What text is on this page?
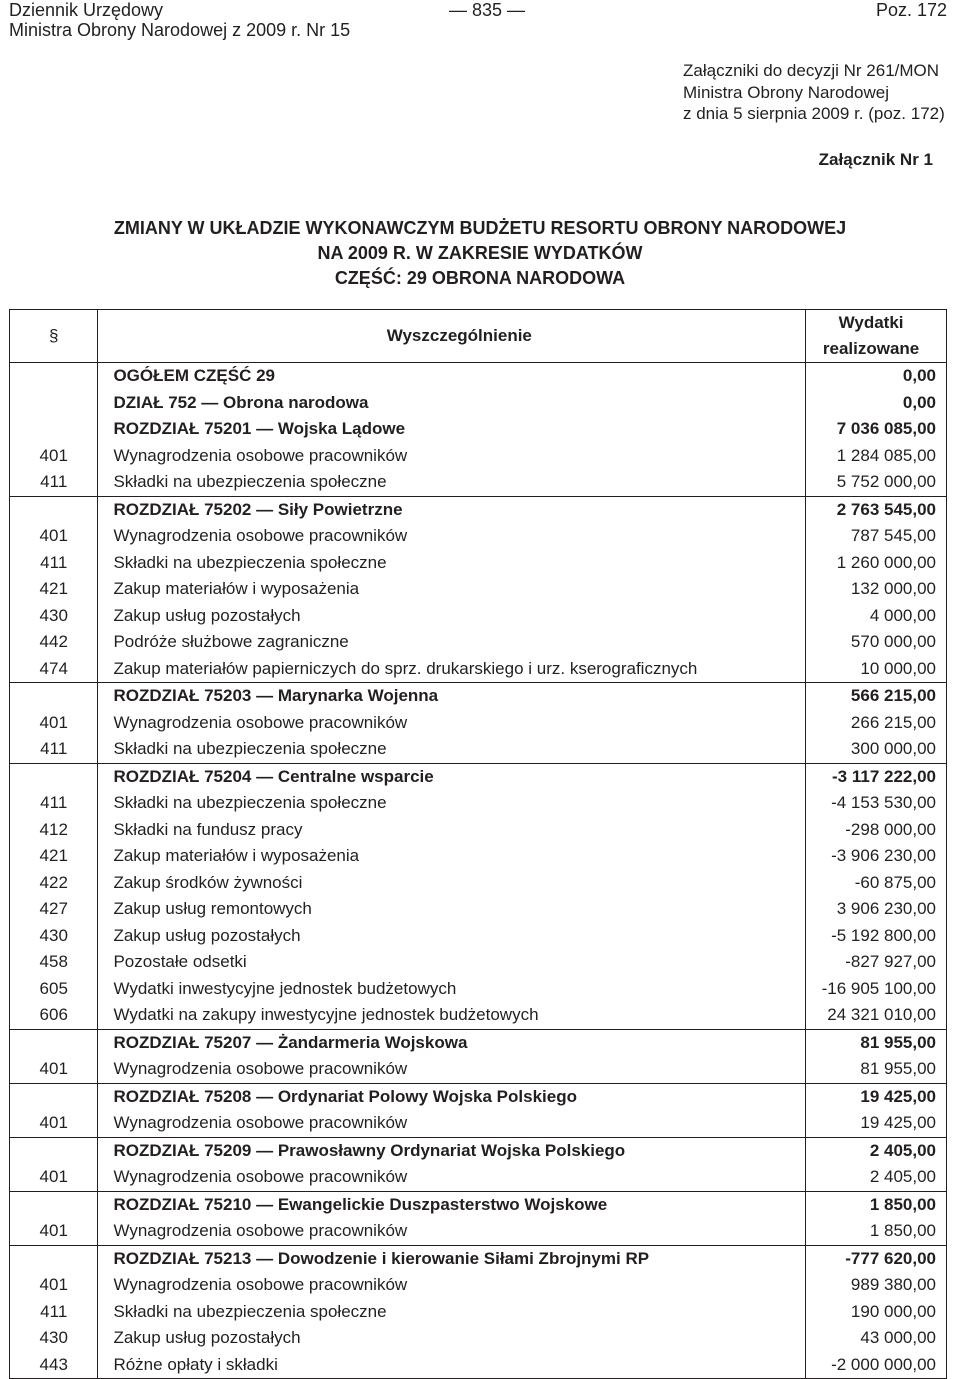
Dziennik Urzędowy
Ministra Obrony Narodowej z 2009 r. Nr 15
— 835 —	Poz. 172
Załączniki do decyzji Nr 261/MON
Ministra Obrony Narodowej
z dnia 5 sierpnia 2009 r. (poz. 172)
Załącznik Nr 1
ZMIANY W UKŁADZIE WYKONAWCZYM BUDŻETU RESORTU OBRONY NARODOWEJ
NA 2009 R. W ZAKRESIE WYDATKÓW
CZĘŚĆ: 29 OBRONA NARODOWA
§	Wyszczególnienie	Wydatki
realizowane

	OGÓŁEM CZĘŚĆ 29	0,00
	DZIAŁ 752 — Obrona narodowa	0,00
	ROZDZIAŁ 75201 — Wojska Lądowe	7 036 085,00
401	Wynagrodzenia osobowe pracowników	1 284 085,00
411	Składki na ubezpieczenia społeczne	5 752 000,00
	ROZDZIAŁ 75202 — Siły Powietrzne	2 763 545,00
401	Wynagrodzenia osobowe pracowników	787 545,00
411	Składki na ubezpieczenia społeczne	1 260 000,00
421	Zakup materiałów i wyposażenia	132 000,00
430	Zakup usług pozostałych	4 000,00
442	Podróże służbowe zagraniczne	570 000,00
474	Zakup materiałów papierniczych do sprz. drukarskiego i urz. kserograficznych	10 000,00
	ROZDZIAŁ 75203 — Marynarka Wojenna	566 215,00
401	Wynagrodzenia osobowe pracowników	266 215,00
411	Składki na ubezpieczenia społeczne	300 000,00
	ROZDZIAŁ 75204 — Centralne wsparcie	-3 117 222,00
411	Składki na ubezpieczenia społeczne	-4 153 530,00
412	Składki na fundusz pracy	-298 000,00
421	Zakup materiałów i wyposażenia	-3 906 230,00
422	Zakup środków żywności	-60 875,00
427	Zakup usług remontowych	3 906 230,00
430	Zakup usług pozostałych	-5 192 800,00
458	Pozostałe odsetki	-827 927,00
605	Wydatki inwestycyjne jednostek budżetowych	-16 905 100,00
606	Wydatki na zakupy inwestycyjne jednostek budżetowych	24 321 010,00
	ROZDZIAŁ 75207 — Żandarmeria Wojskowa	81 955,00
401	Wynagrodzenia osobowe pracowników	81 955,00
	ROZDZIAŁ 75208 — Ordynariat Polowy Wojska Polskiego	19 425,00
401	Wynagrodzenia osobowe pracowników	19 425,00
	ROZDZIAŁ 75209 — Prawosławny Ordynariat Wojska Polskiego	2 405,00
401	Wynagrodzenia osobowe pracowników	2 405,00
	ROZDZIAŁ 75210 — Ewangelickie Duszpasterstwo Wojskowe	1 850,00
401	Wynagrodzenia osobowe pracowników	1 850,00
	ROZDZIAŁ 75213 — Dowodzenie i kierowanie Siłami Zbrojnymi RP	-777 620,00
401	Wynagrodzenia osobowe pracowników	989 380,00
411	Składki na ubezpieczenia społeczne	190 000,00
430	Zakup usług pozostałych	43 000,00
443	Różne opłaty i składki	-2 000 000,00
